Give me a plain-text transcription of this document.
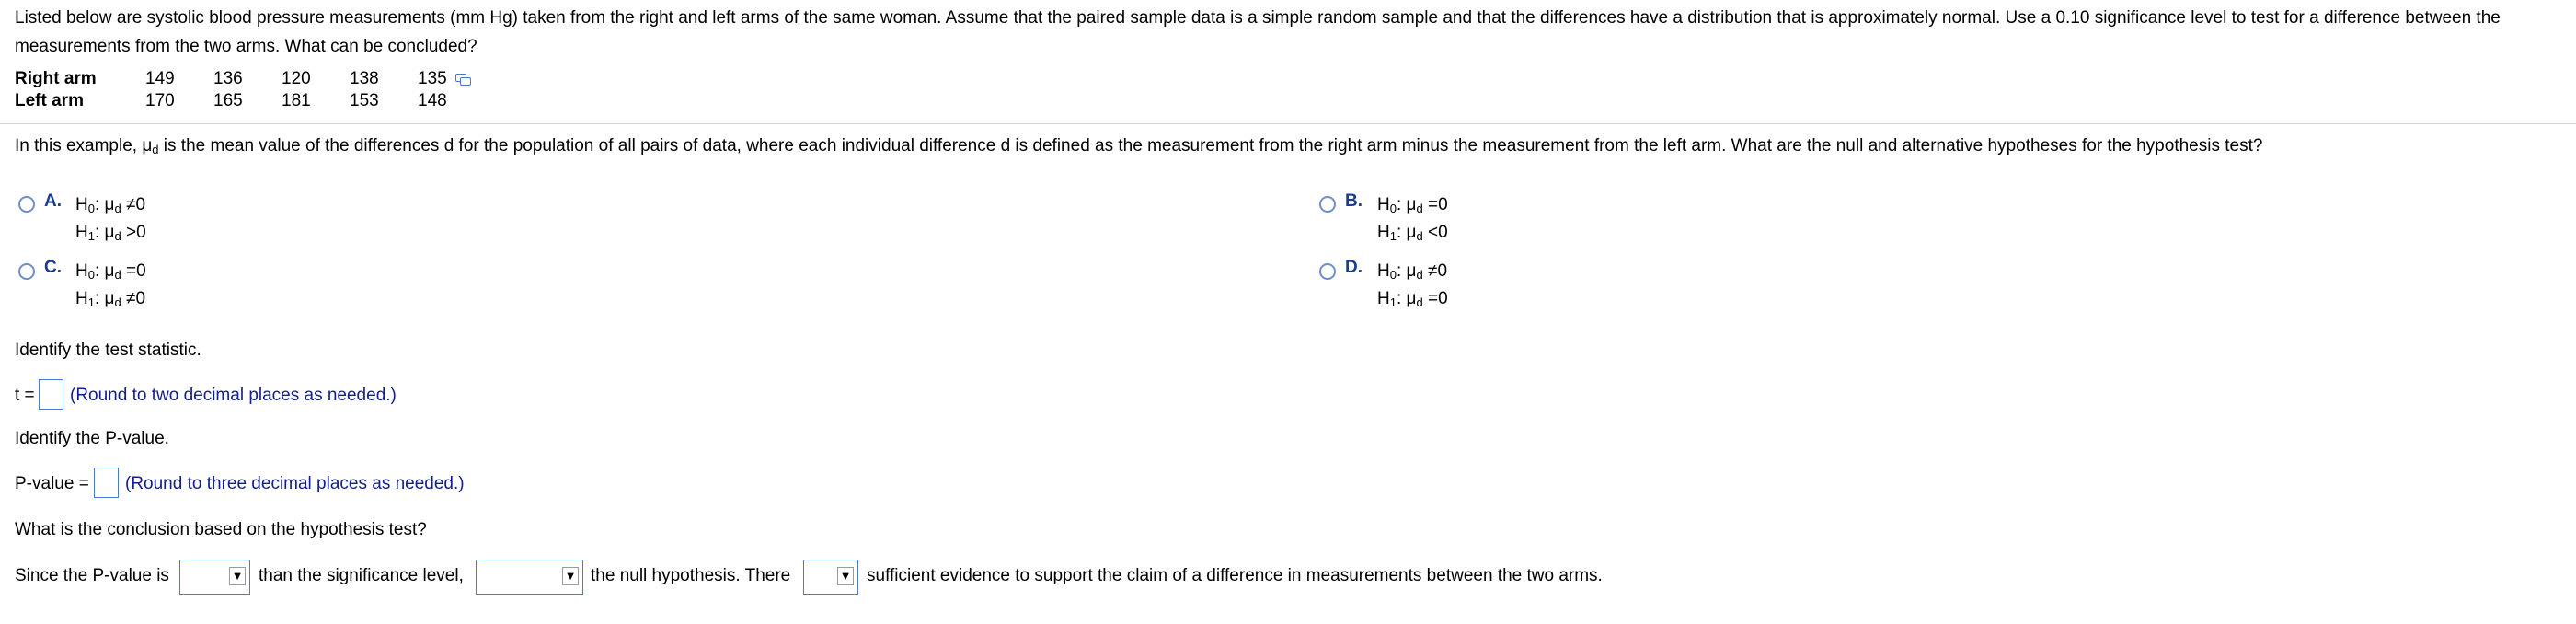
Listed below are systolic blood pressure measurements (mm Hg) taken from the right and left arms of the same woman. Assume that the paired sample data is a simple random sample and that the differences have a distribution that is approximately normal. Use a 0.10 significance level to test for a difference between the measurements from the two arms. What can be concluded?
Right arm	149	136	120	138	135

Left arm	170	165	181	153	148
In this example, $\mu_d$ is the mean value of the differences d for the population of all pairs of data, where each individual difference d is defined as the measurement from the right arm minus the measurement from the left arm. What are the null and alternative hypotheses for the hypothesis test?
A. $H_0$: $\mu_d \ne 0$
$H_1$: $\mu_d >0$
B. $H_0$: $\mu_d =0$
$H_1$: $\mu_d <0$
C. $H_0$: $\mu_d =0$
$H_1$: $\mu_d \ne 0$
D. $H_0$: $\mu_d \ne 0$
$H_1$: $\mu_d =0$
Identify the test statistic.
t = (Round to two decimal places as needed.)
Identify the P-value.
P-value = (Round to three decimal places as needed.)
What is the conclusion based on the hypothesis test?
Since the P-value is	▼ than the significance level,	▼ the null hypothesis. There	▼ sufficient evidence to support the claim of a difference in measurements between the two arms.
